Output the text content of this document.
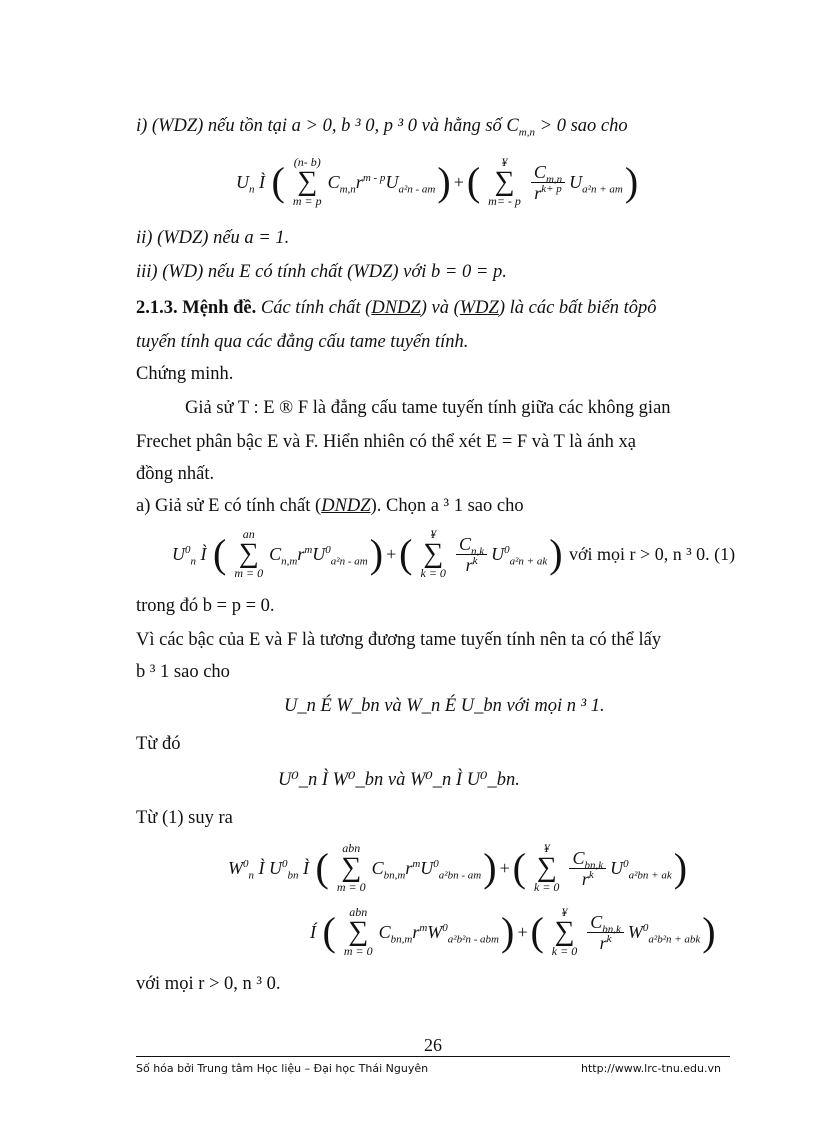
i) (WDZ) nếu tồn tại a > 0, b ³ 0, p ³ 0 và hằng số $C_{m,n} > 0$ sao cho
$U_n$ Ì ( (n- b)
∑
m = p
$C_{m,n}r^{m - p}U_{a^2n - am}$ ) + ( ¥
∑
m= - p $\frac{C_{m,n}}{r^{k+ p}} U_{a^2n + am}$ )
ii) (WDZ) nếu a = 1.
iii) (WD) nếu E có tính chất (WDZ) với b = 0 = p.
2.1.3. Mệnh đề. Các tính chất (DNDZ) và (WDZ) là các bất biến tôpô
tuyến tính qua các đẳng cấu tame tuyến tính.
Chứng minh.
Giả sử T : E ® F là đẳng cấu tame tuyến tính giữa các không gian
Frechet phân bậc E và F. Hiển nhiên có thể xét E = F và T là ánh xạ
đồng nhất.
a) Giả sử E có tính chất (DNDZ). Chọn a ³ 1 sao cho
$U^0_n$ Ì ( an
∑
m = 0
$C_{n,m}r^mU^0_{a^2n - am}$ ) + ( ¥
∑
$k = 0 \frac{C_{n,k}}{r^k} U^0_{a^2n + ak}$ )
với mọi r > 0, n ³ 0. (1)
trong đó b = p = 0.
Vì các bậc của E và F là tương đương tame tuyến tính nên ta có thể lấy
b ³ 1 sao cho
U_n É W_bn và W_n É U_bn với mọi n ³ 1.
Từ đó
U⁰_n Ì W⁰_bn và W⁰_n Ì U⁰_bn.
Từ (1) suy ra
$W^0_n$ Ì $U^0_{bn}$ Ì ( abn
∑
m = 0
$C_{bn,m}r^mU^0_{a^2bn - am}$ ) + ( ¥
∑
$k = 0 \frac{C_{bn,k}}{r^k} U^0_{a^2bn + ak}$ )
Í
( abn
∑
m = 0
$C_{bn,m}r^mW^0_{a^2b^2n - abm}$ ) + ( ¥
∑
$k = 0 \frac{C_{bn,k}}{r^k} W^0_{a^2b^2n + abk}$ )
với mọi r > 0, n ³ 0.
26
Số hóa bởi Trung tâm Học liệu – Đại học Thái Nguyên	http://www.lrc-tnu.edu.vn
